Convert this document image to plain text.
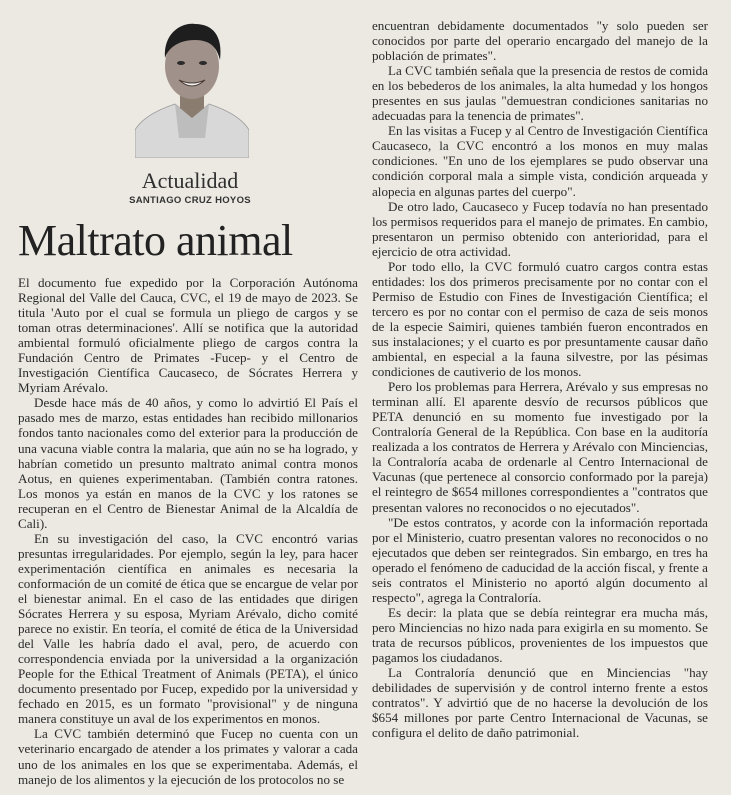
Actualidad
SANTIAGO CRUZ HOYOS
Maltrato animal

El documento fue expedido por la Corporación Autónoma Regional del Valle del Cauca, CVC, el 19 de mayo de 2023. Se titula 'Auto por el cual se formula un pliego de cargos y se toman otras determinaciones'. Allí se notifica que la autoridad ambiental formuló oficialmente pliego de cargos contra la Fundación Centro de Primates -Fucep- y el Centro de Investigación Científica Caucaseco, de Sócrates Herrera y Myriam Arévalo.

Desde hace más de 40 años, y como lo advirtió El País el pasado mes de marzo, estas entidades han recibido millonarios fondos tanto nacionales como del exterior para la producción de una vacuna viable contra la malaria, que aún no se ha logrado, y habrían cometido un presunto maltrato animal contra monos Aotus, en quienes experimentaban. (También contra ratones. Los monos ya están en manos de la CVC y los ratones se recuperan en el Centro de Bienestar Animal de la Alcaldía de Cali).

En su investigación del caso, la CVC encontró varias presuntas irregularidades. Por ejemplo, según la ley, para hacer experimentación científica en animales es necesaria la conformación de un comité de ética que se encargue de velar por el bienestar animal. En el caso de las entidades que dirigen Sócrates Herrera y su esposa, Myriam Arévalo, dicho comité parece no existir. En teoría, el comité de ética de la Universidad del Valle les habría dado el aval, pero, de acuerdo con correspondencia enviada por la universidad a la organización People for the Ethical Treatment of Animals (PETA), el único documento presentado por Fucep, expedido por la universidad y fechado en 2015, es un formato "provisional" y de ninguna manera constituye un aval de los experimentos en monos.

La CVC también determinó que Fucep no cuenta con un veterinario encargado de atender a los primates y valorar a cada uno de los animales en los que se experimentaba. Además, el manejo de los alimentos y la ejecución de los protocolos no se

encuentran debidamente documentados "y solo pueden ser conocidos por parte del operario encargado del manejo de la población de primates".

La CVC también señala que la presencia de restos de comida en los bebederos de los animales, la alta humedad y los hongos presentes en sus jaulas "demuestran condiciones sanitarias no adecuadas para la tenencia de primates".

En las visitas a Fucep y al Centro de Investigación Científica Caucaseco, la CVC encontró a los monos en muy malas condiciones. "En uno de los ejemplares se pudo observar una condición corporal mala a simple vista, condición arqueada y alopecia en algunas partes del cuerpo".

De otro lado, Caucaseco y Fucep todavía no han presentado los permisos requeridos para el manejo de primates. En cambio, presentaron un permiso obtenido con anterioridad, para el ejercicio de otra actividad.

Por todo ello, la CVC formuló cuatro cargos contra estas entidades: los dos primeros precisamente por no contar con el Permiso de Estudio con Fines de Investigación Científica; el tercero es por no contar con el permiso de caza de seis monos de la especie Saimiri, quienes también fueron encontrados en sus instalaciones; y el cuarto es por presuntamente causar daño ambiental, en especial a la fauna silvestre, por las pésimas condiciones de cautiverio de los monos.

Pero los problemas para Herrera, Arévalo y sus empresas no terminan allí. El aparente desvío de recursos públicos que PETA denunció en su momento fue investigado por la Contraloría General de la República. Con base en la auditoría realizada a los contratos de Herrera y Arévalo con Minciencias, la Contraloría acaba de ordenarle al Centro Internacional de Vacunas (que pertenece al consorcio conformado por la pareja) el reintegro de $654 millones correspondientes a "contratos que presentan valores no reconocidos o no ejecutados".

"De estos contratos, y acorde con la información reportada por el Ministerio, cuatro presentan valores no reconocidos o no ejecutados que deben ser reintegrados. Sin embargo, en tres ha operado el fenómeno de caducidad de la acción fiscal, y frente a seis contratos el Ministerio no aportó algún documento al respecto", agrega la Contraloría.

Es decir: la plata que se debía reintegrar era mucha más, pero Minciencias no hizo nada para exigirla en su momento. Se trata de recursos públicos, provenientes de los impuestos que pagamos los ciudadanos.

La Contraloría denunció que en Minciencias "hay debilidades de supervisión y de control interno frente a estos contratos". Y advirtió que de no hacerse la devolución de los $654 millones por parte Centro Internacional de Vacunas, se configura el delito de daño patrimonial.
